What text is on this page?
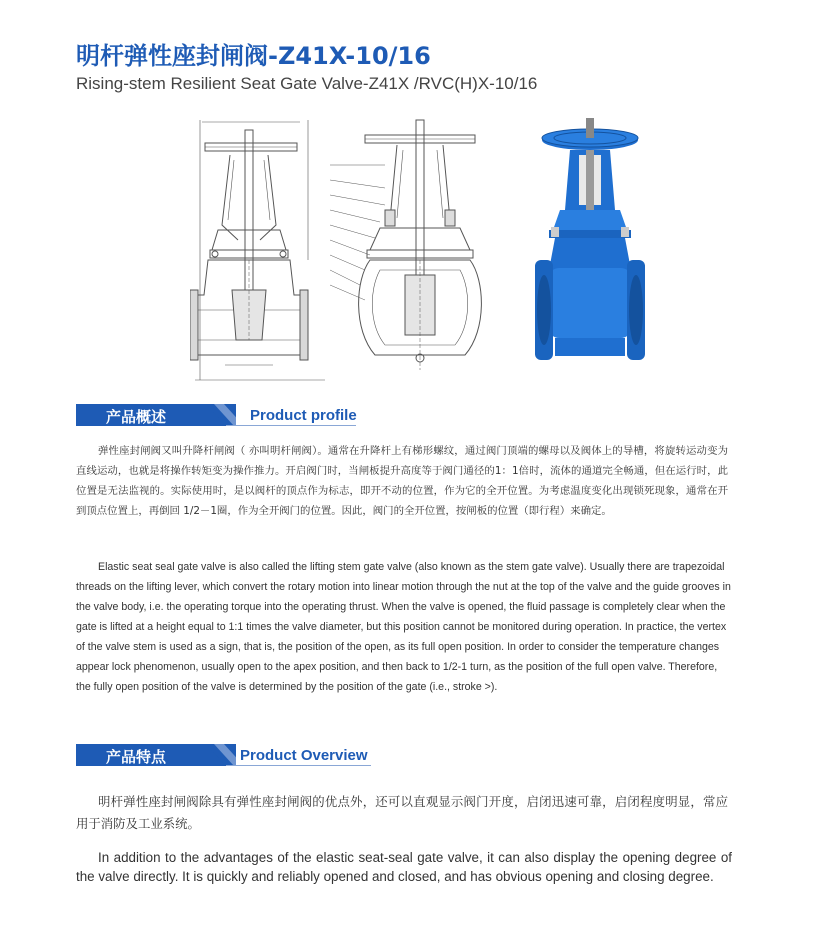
明杆弹性座封闸阀-Z41X-10/16
Rising-stem Resilient Seat Gate Valve-Z41X /RVC(H)X-10/16
产品概述	Product profile
弹性座封闸阀又叫升降杆闸阀（ 亦叫明杆闸阀）。通常在升降杆上有梯形螺纹，通过阀门顶端的螺母以及阀体上的导槽，将旋转运动变为直线运动，也就是将操作转矩变为操作推力。开启阀门时，当闸板提升高度等于阀门通径的1：1倍时，流体的通道完全畅通，但在运行时，此位置是无法监视的。实际使用时，是以阀杆的顶点作为标志，即开不动的位置，作为它的全开位置。为考虑温度变化出现锁死现象，通常在开到顶点位置上，再倒回 1/2－1圈，作为全开阀门的位置。因此，阀门的全开位置，按闸板的位置（即行程）来确定。
Elastic seat seal gate valve is also called the lifting stem gate valve (also known as the stem gate valve). Usually there are trapezoidal threads on the lifting lever, which convert the rotary motion into linear motion through the nut at the top of the valve and the guide grooves in the valve body, i.e. the operating torque into the operating thrust. When the valve is opened, the fluid passage is completely clear when the gate is lifted at a height equal to 1:1 times the valve diameter, but this position cannot be monitored during operation. In practice, the vertex of the valve stem is used as a sign, that is, the position of the open, as its full open position. In order to consider the temperature changes appear lock phenomenon, usually open to the apex position, and then back to 1/2-1 turn, as the position of the full open valve. Therefore, the fully open position of the valve is determined by the position of the gate (i.e., stroke >).
产品特点	Product Overview
明杆弹性座封闸阀除具有弹性座封闸阀的优点外，还可以直观显示阀门开度，启闭迅速可靠，启闭程度明显，常应用于消防及工业系统。
In addition to the advantages of the elastic seat-seal gate valve, it can also display the opening degree of the valve directly. It is quickly and reliably opened and closed, and has obvious opening and closing degree.
